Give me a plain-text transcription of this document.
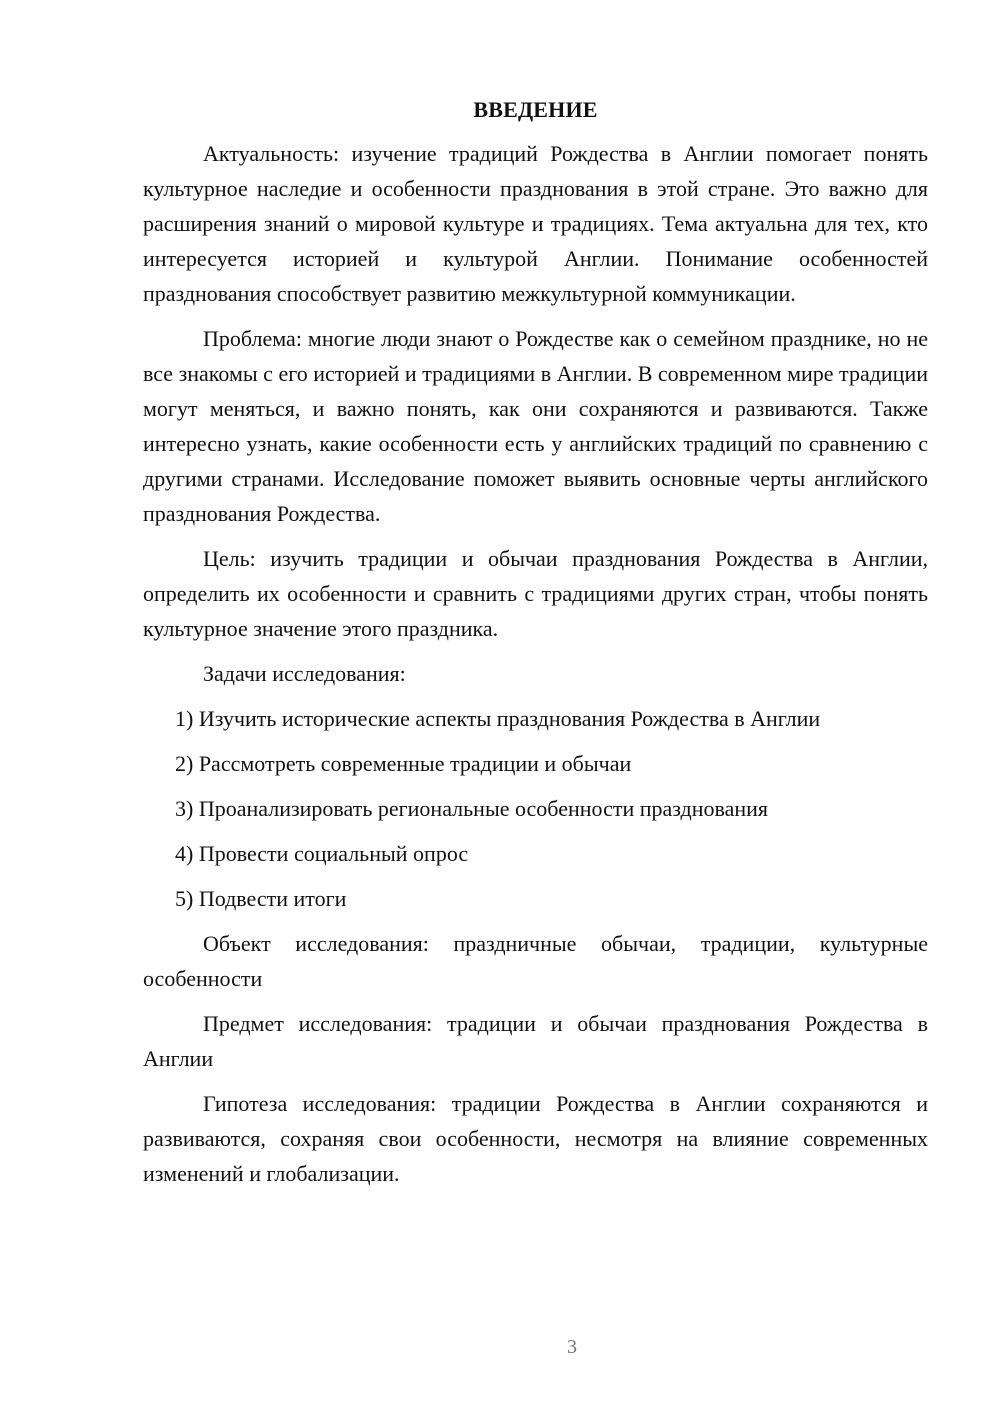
ВВЕДЕНИЕ

Актуальность: изучение традиций Рождества в Англии помогает понять культурное наследие и особенности празднования в этой стране. Это важно для расширения знаний о мировой культуре и традициях. Тема актуальна для тех, кто интересуется историей и культурой Англии. Понимание особенностей празднования способствует развитию межкультурной коммуникации.

Проблема: многие люди знают о Рождестве как о семейном празднике, но не все знакомы с его историей и традициями в Англии. В современном мире традиции могут меняться, и важно понять, как они сохраняются и развиваются. Также интересно узнать, какие особенности есть у английских традиций по сравнению с другими странами. Исследование поможет выявить основные черты английского празднования Рождества.

Цель: изучить традиции и обычаи празднования Рождества в Англии, определить их особенности и сравнить с традициями других стран, чтобы понять культурное значение этого праздника.

Задачи исследования:

1) Изучить исторические аспекты празднования Рождества в Англии
2) Рассмотреть современные традиции и обычаи
3) Проанализировать региональные особенности празднования
4) Провести социальный опрос
5) Подвести итоги

Объект исследования: праздничные обычаи, традиции, культурные особенности

Предмет исследования: традиции и обычаи празднования Рождества в Англии

Гипотеза исследования: традиции Рождества в Англии сохраняются и развиваются, сохраняя свои особенности, несмотря на влияние современных изменений и глобализации.

3
